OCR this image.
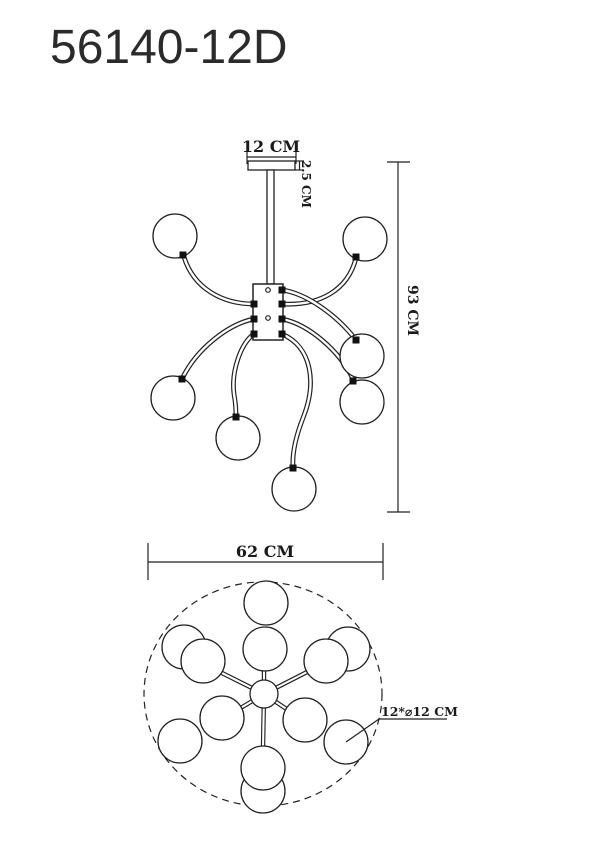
56140-12D
12 CM
2.5 CM
93 CM
62 CM
12*⌀12 CM
